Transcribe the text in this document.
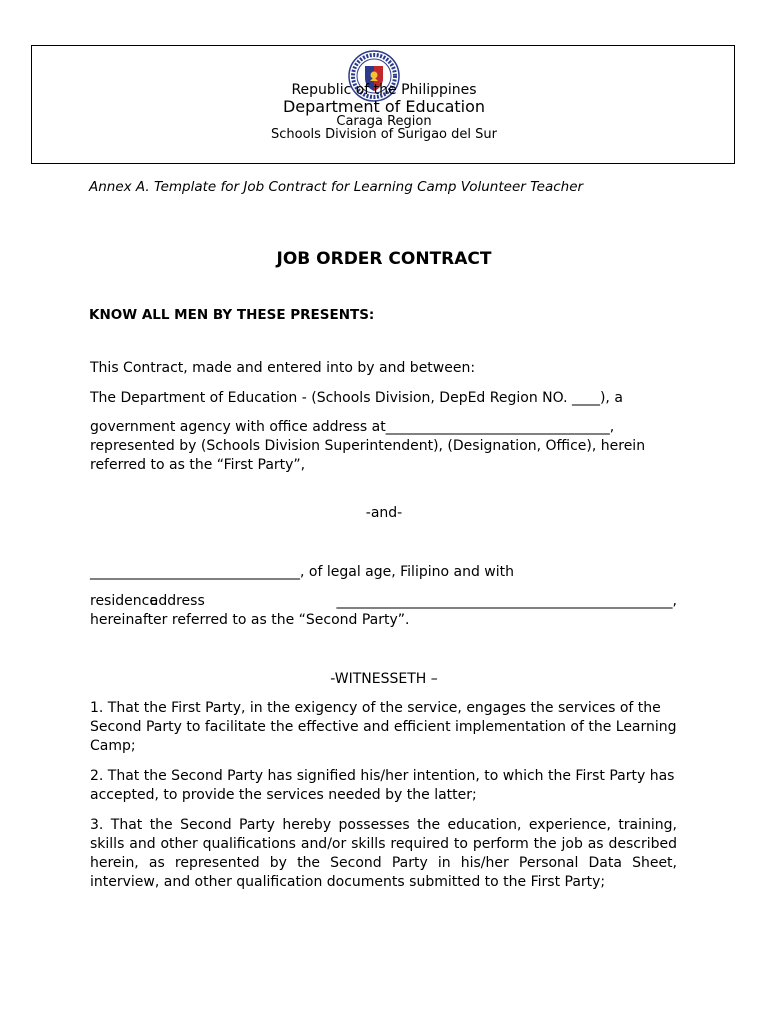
Republic of the Philippines
Department of Education
Caraga Region
Schools Division of Surigao del Sur
Annex A. Template for Job Contract for Learning Camp Volunteer Teacher
JOB ORDER CONTRACT
KNOW ALL MEN BY THESE PRESENTS:
This Contract, made and entered into by and between:
The Department of Education - (Schools Division, DepEd Region NO. ____), a
government agency with office address at________________________________, represented by (Schools Division Superintendent), (Designation, Office), herein referred to as the “First Party”,
-and-
______________________________, of legal age, Filipino and with
residence
address	________________________________________________,
hereinafter referred to as the “Second Party”.
-WITNESSETH –
1. That the First Party, in the exigency of the service, engages the services of the Second Party to facilitate the effective and efficient implementation of the Learning Camp;
2. That the Second Party has signified his/her intention, to which the First Party has accepted, to provide the services needed by the latter;
3. That the Second Party hereby possesses the education, experience, training, skills and other qualifications and/or skills required to perform the job as described herein, as represented by the Second Party in his/her Personal Data Sheet, interview, and other qualification documents submitted to the First Party;
